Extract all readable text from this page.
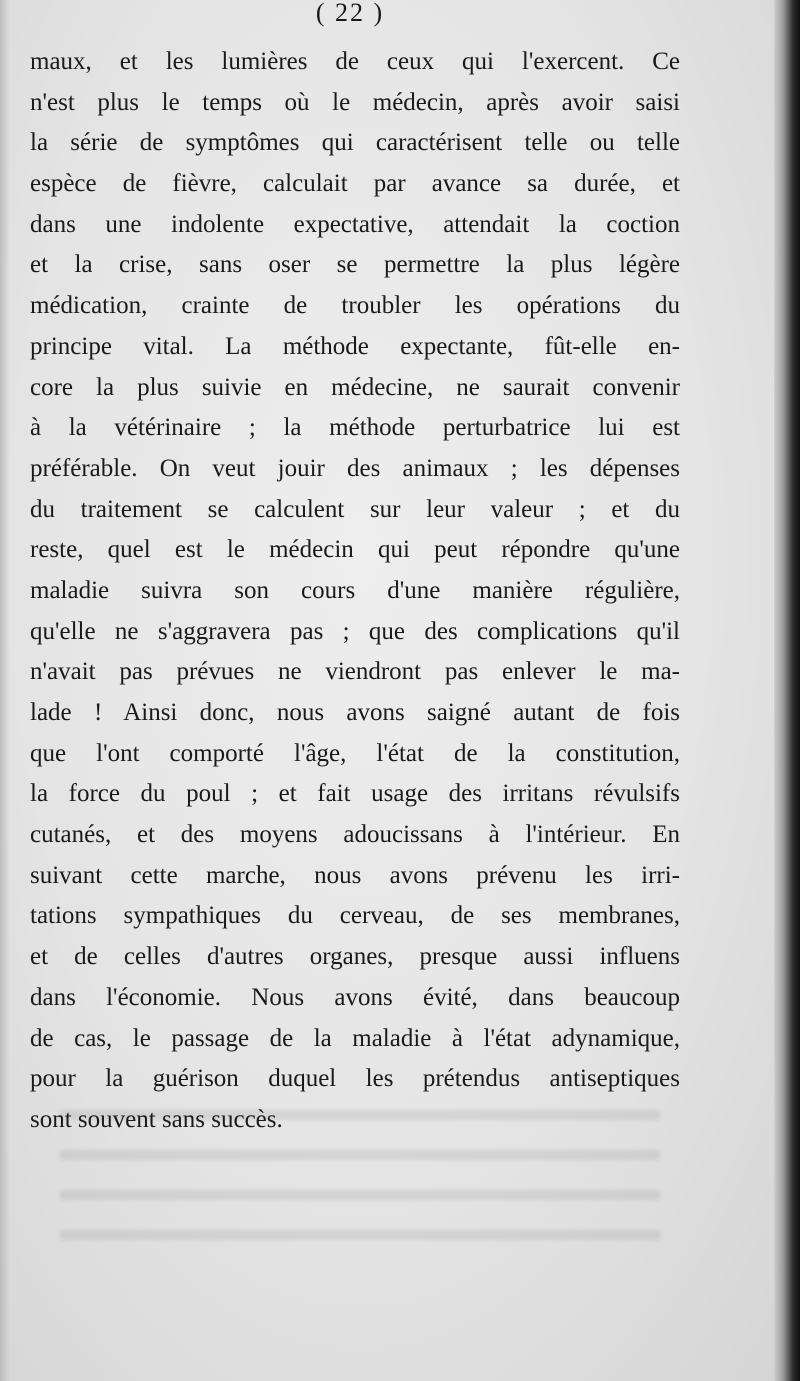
( 22 )
maux, et les lumières de ceux qui l'exercent. Ce
n'est plus le temps où le médecin, après avoir saisi
la série de symptômes qui caractérisent telle ou telle
espèce de fièvre, calculait par avance sa durée, et
dans une indolente expectative, attendait la coction
et la crise, sans oser se permettre la plus légère
médication, crainte de troubler les opérations du
principe vital. La méthode expectante, fût-elle en-
core la plus suivie en médecine, ne saurait convenir
à la vétérinaire ; la méthode perturbatrice lui est
préférable. On veut jouir des animaux ; les dépenses
du traitement se calculent sur leur valeur ; et du
reste, quel est le médecin qui peut répondre qu'une
maladie suivra son cours d'une manière régulière,
qu'elle ne s'aggravera pas ; que des complications qu'il
n'avait pas prévues ne viendront pas enlever le ma-
lade ! Ainsi donc, nous avons saigné autant de fois
que l'ont comporté l'âge, l'état de la constitution,
la force du poul ; et fait usage des irritans révulsifs
cutanés, et des moyens adoucissans à l'intérieur. En
suivant cette marche, nous avons prévenu les irri-
tations sympathiques du cerveau, de ses membranes,
et de celles d'autres organes, presque aussi influens
dans l'économie. Nous avons évité, dans beaucoup
de cas, le passage de la maladie à l'état adynamique,
pour la guérison duquel les prétendus antiseptiques
sont souvent sans succès.
